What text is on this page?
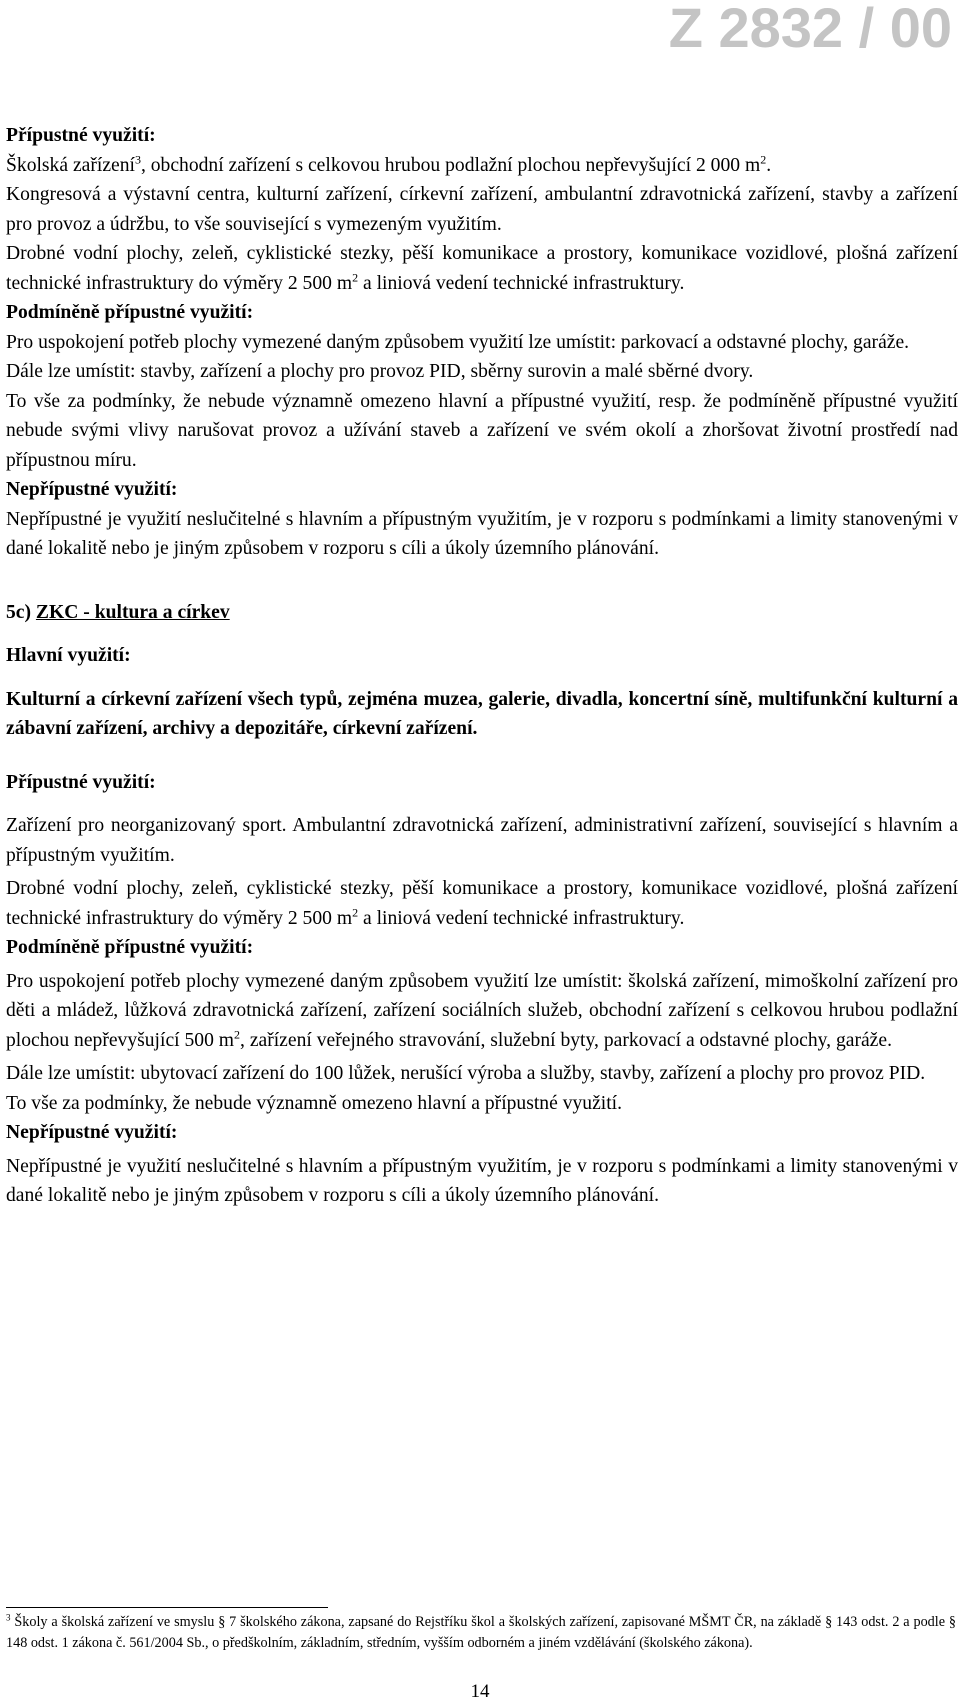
Z 2832 / 00

Přípustné využití:

Školská zařízení$^3$, obchodní zařízení s celkovou hrubou podlažní plochou nepřevyšující 2 000 $m^2$.

Kongresová a výstavní centra, kulturní zařízení, církevní zařízení, ambulantní zdravotnická zařízení, stavby a zařízení pro provoz a údržbu, to vše související s vymezeným využitím.

Drobné vodní plochy, zeleň, cyklistické stezky, pěší komunikace a prostory, komunikace vozidlové, plošná zařízení technické infrastruktury do výměry 2 500 $m^2$ a liniová vedení technické infrastruktury.

Podmíněně přípustné využití:

Pro uspokojení potřeb plochy vymezené daným způsobem využití lze umístit: parkovací a odstavné plochy, garáže.

Dále lze umístit: stavby, zařízení a plochy pro provoz PID, sběrny surovin a malé sběrné dvory.

To vše za podmínky, že nebude významně omezeno hlavní a přípustné využití, resp. že podmíněně přípustné využití nebude svými vlivy narušovat provoz a užívání staveb a zařízení ve svém okolí a zhoršovat životní prostředí nad přípustnou míru.

Nepřípustné využití:

Nepřípustné je využití neslučitelné s hlavním a přípustným využitím, je v rozporu s podmínkami a limity stanovenými v dané lokalitě nebo je jiným způsobem v rozporu s cíli a úkoly územního plánování.

5c) ZKC - kultura a církev

Hlavní využití:

Kulturní a církevní zařízení všech typů, zejména muzea, galerie, divadla, koncertní síně, multifunkční kulturní a zábavní zařízení, archivy a depozitáře, církevní zařízení.

Přípustné využití:

Zařízení pro neorganizovaný sport. Ambulantní zdravotnická zařízení, administrativní zařízení, související s hlavním a přípustným využitím.

Drobné vodní plochy, zeleň, cyklistické stezky, pěší komunikace a prostory, komunikace vozidlové, plošná zařízení technické infrastruktury do výměry 2 500 $m^2$ a liniová vedení technické infrastruktury.

Podmíněně přípustné využití:

Pro uspokojení potřeb plochy vymezené daným způsobem využití lze umístit: školská zařízení, mimoškolní zařízení pro děti a mládež, lůžková zdravotnická zařízení, zařízení sociálních služeb, obchodní zařízení s celkovou hrubou podlažní plochou nepřevyšující 500 $m^2$, zařízení veřejného stravování, služební byty, parkovací a odstavné plochy, garáže.

Dále lze umístit: ubytovací zařízení do 100 lůžek, nerušící výroba a služby, stavby, zařízení a plochy pro provoz PID.

To vše za podmínky, že nebude významně omezeno hlavní a přípustné využití.

Nepřípustné využití:

Nepřípustné je využití neslučitelné s hlavním a přípustným využitím, je v rozporu s podmínkami a limity stanovenými v dané lokalitě nebo je jiným způsobem v rozporu s cíli a úkoly územního plánování.

$^3$ Školy a školská zařízení ve smyslu § 7 školského zákona, zapsané do Rejstříku škol a školských zařízení, zapisované MŠMT ČR, na základě § 143 odst. 2 a podle § 148 odst. 1 zákona č. 561/2004 Sb., o předškolním, základním, středním, vyšším odborném a jiném vzdělávání (školského zákona).
14
